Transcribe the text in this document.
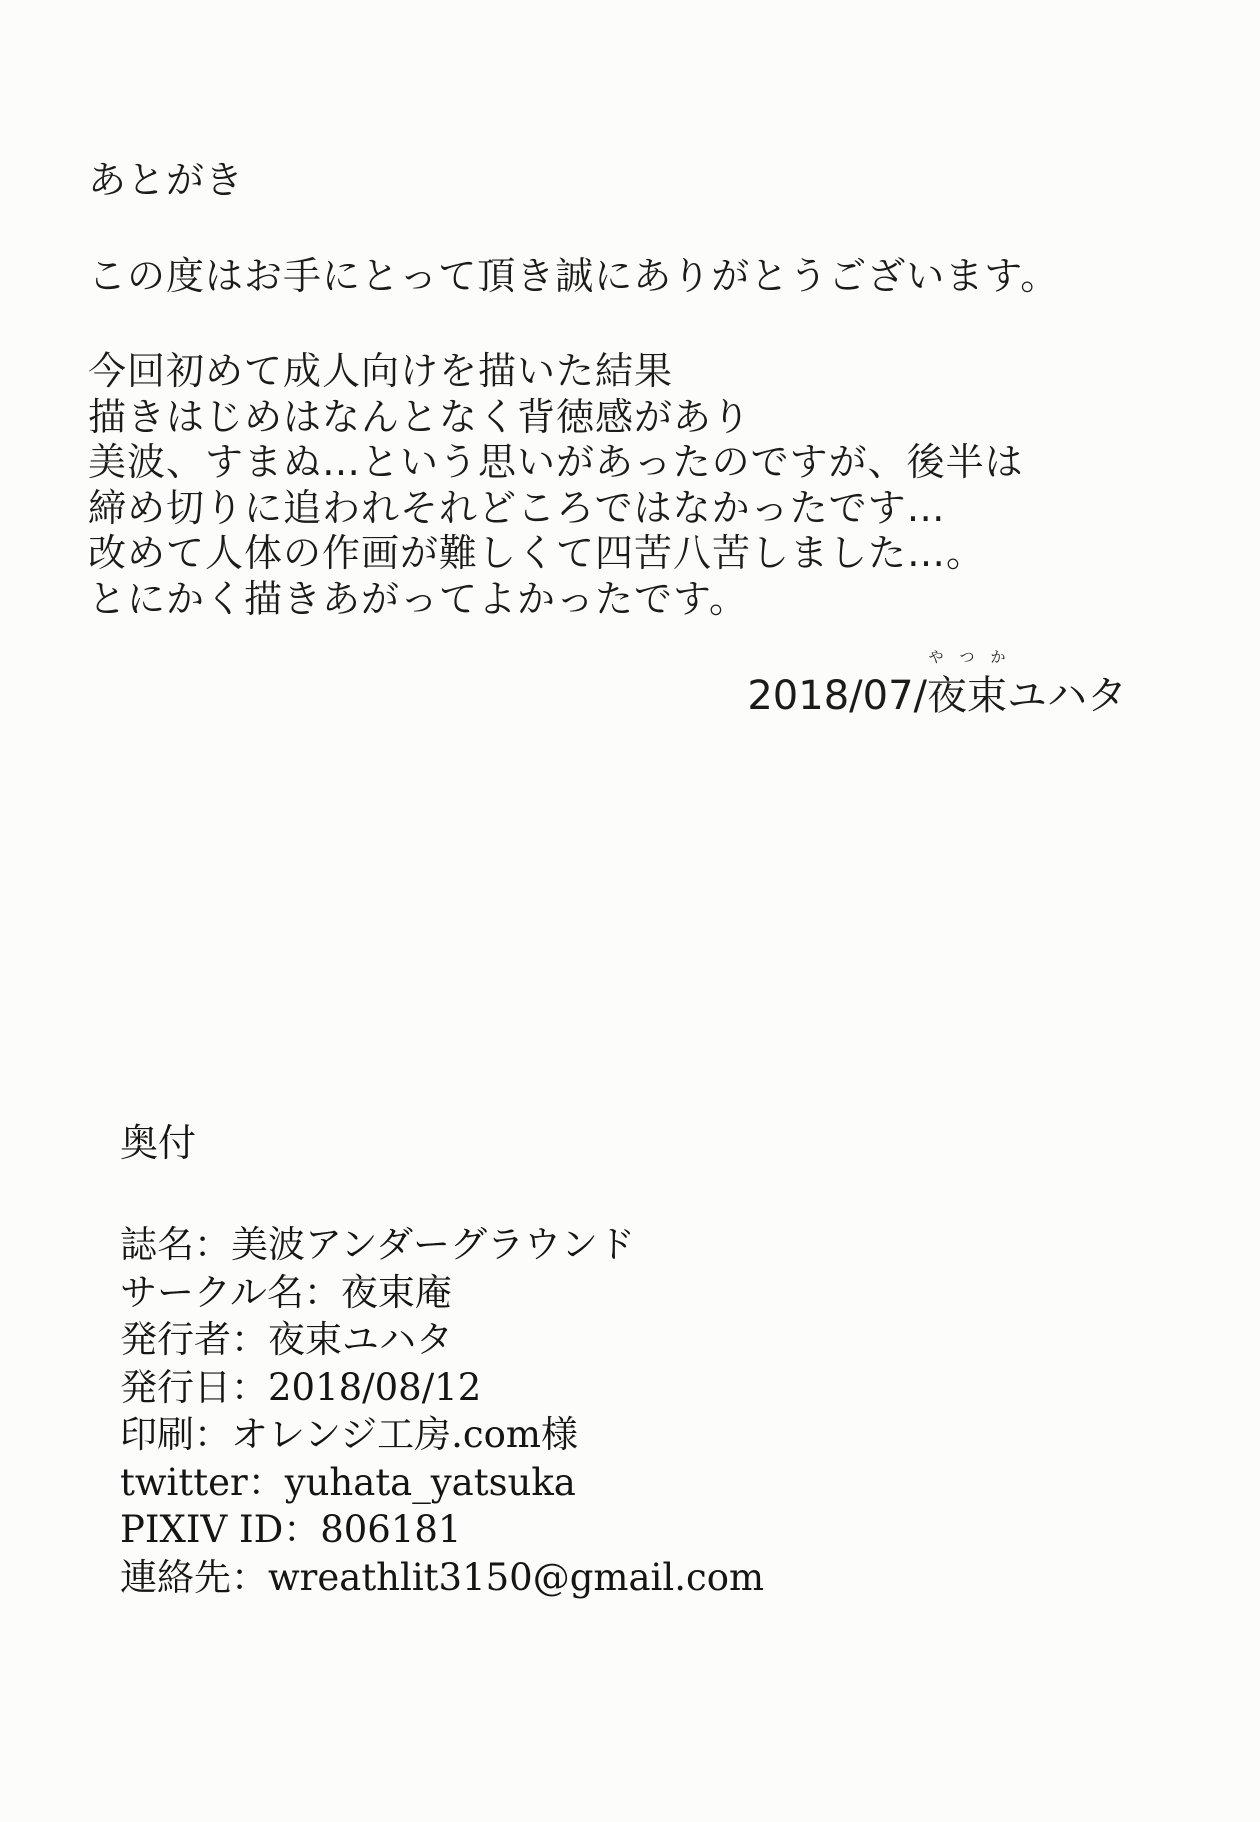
あとがき
この度はお手にとって頂き誠にありがとうございます。
今回初めて成人向けを描いた結果
描きはじめはなんとなく背徳感があり
美波、すまぬ…という思いがあったのですが、後半は
締め切りに追われそれどころではなかったです…
改めて人体の作画が難しくて四苦八苦しました…。
とにかく描きあがってよかったです。
2018/07/
やつか
夜束 ユハタ
奥付
誌名：美波アンダーグラウンド
サークル名：夜束庵
発行者：夜束ユハタ
発行日：2018/08/12
印刷：オレンジ工房.com様
twitter：yuhata_yatsuka
PIXIV ID：806181
連絡先：wreathlit3150@gmail.com
